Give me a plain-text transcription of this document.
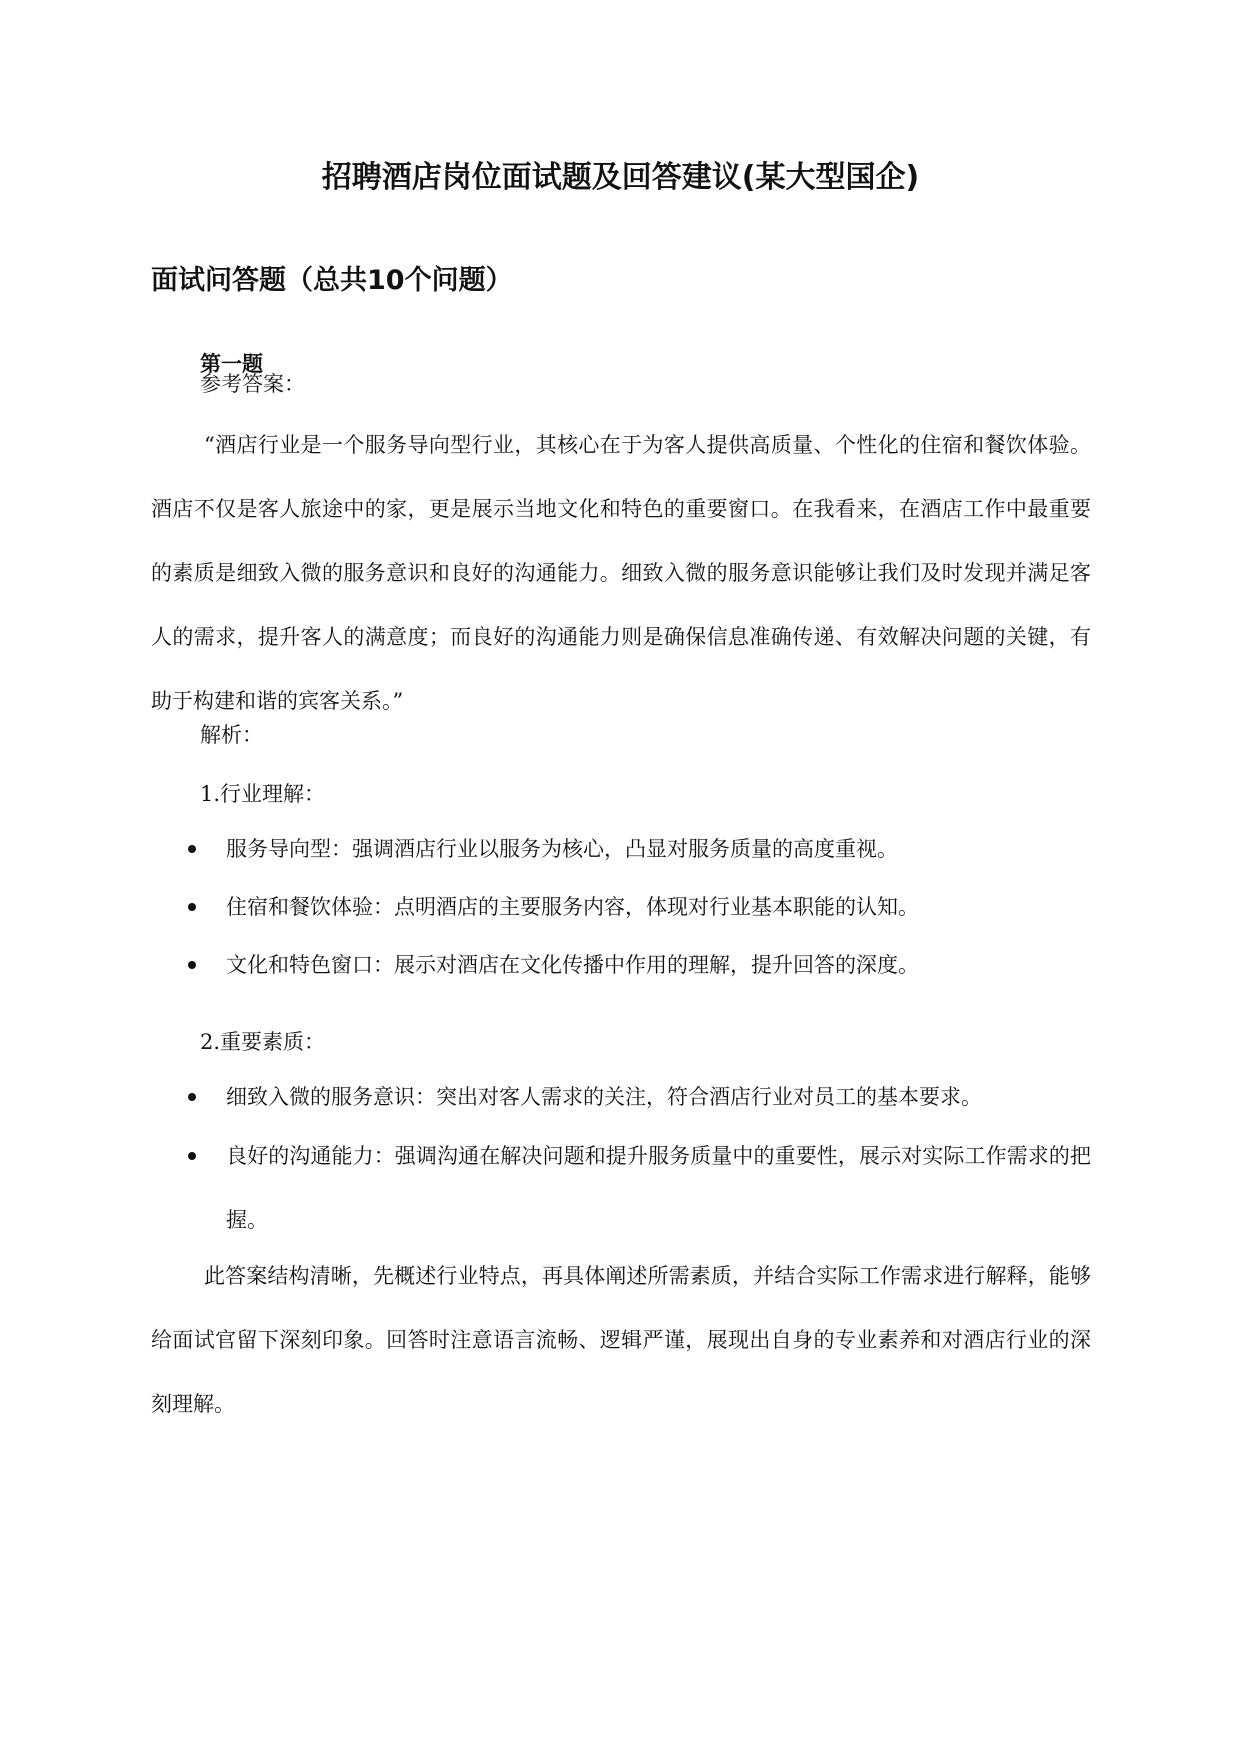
招聘酒店岗位面试题及回答建议(某大型国企)
面试问答题（总共10个问题）
第一题
参考答案：
“酒店行业是一个服务导向型行业，其核心在于为客人提供高质量、个性化的住宿和餐饮体验。酒店不仅是客人旅途中的家，更是展示当地文化和特色的重要窗口。在我看来，在酒店工作中最重要的素质是细致入微的服务意识和良好的沟通能力。细致入微的服务意识能够让我们及时发现并满足客人的需求，提升客人的满意度；而良好的沟通能力则是确保信息准确传递、有效解决问题的关键，有助于构建和谐的宾客关系。”
解析：
1.行业理解：
服务导向型：强调酒店行业以服务为核心，凸显对服务质量的高度重视。
住宿和餐饮体验：点明酒店的主要服务内容，体现对行业基本职能的认知。
文化和特色窗口：展示对酒店在文化传播中作用的理解，提升回答的深度。
2.重要素质：
细致入微的服务意识：突出对客人需求的关注，符合酒店行业对员工的基本要求。
良好的沟通能力：强调沟通在解决问题和提升服务质量中的重要性，展示对实际工作需求的把握。
此答案结构清晰，先概述行业特点，再具体阐述所需素质，并结合实际工作需求进行解释，能够给面试官留下深刻印象。回答时注意语言流畅、逻辑严谨，展现出自身的专业素养和对酒店行业的深刻理解。
